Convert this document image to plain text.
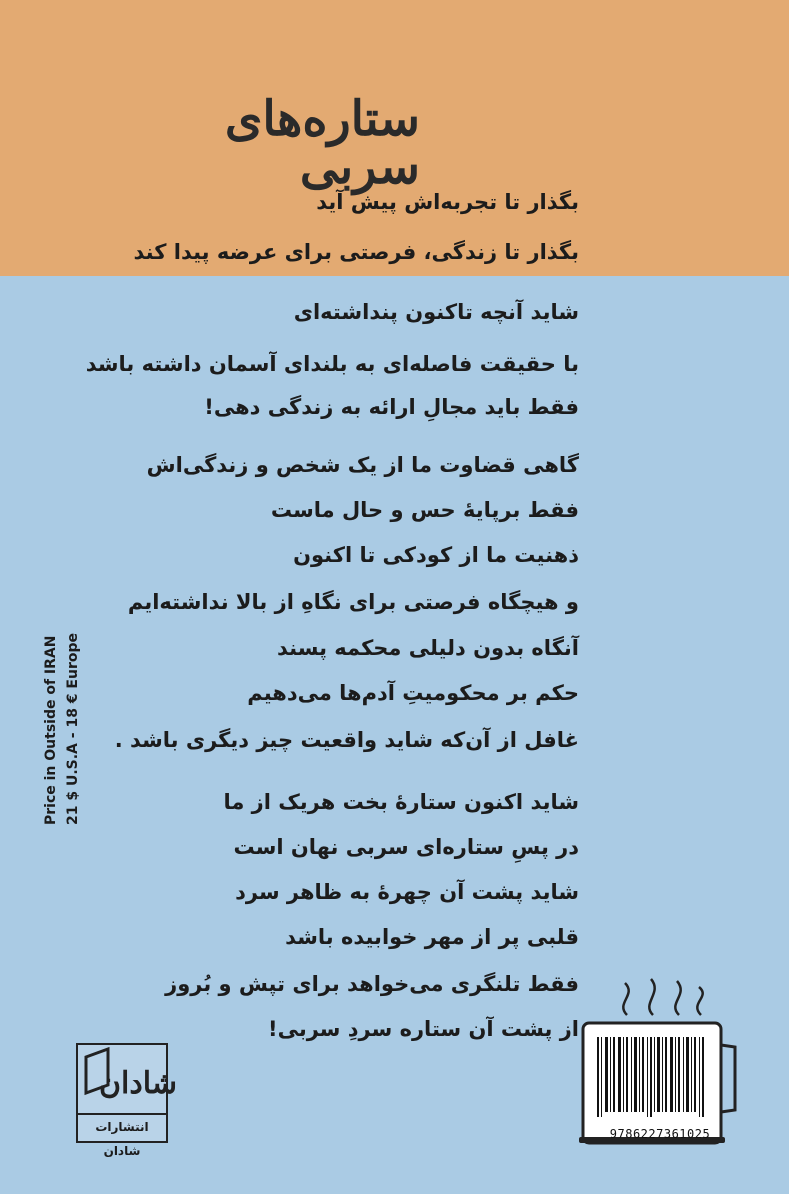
ستاره‌های سربی
بگذار تا تجربه‌اش پیش آید
بگذار تا زندگی، فرصتی برای عرضه پیدا کند
شاید آنچه تاکنون پنداشته‌ای
با حقیقت فاصله‌ای به بلندای آسمان داشته باشد
فقط باید مجالِ ارائه به زندگی دهی!
گاهی قضاوت ما از یک شخص و زندگی‌اش
فقط برپایهٔ حس و حال ماست
ذهنیت ما از کودکی تا اکنون
و هیچگاه فرصتی برای نگاهِ از بالا نداشته‌ایم
آنگاه بدون دلیلی محکمه پسند
حکم بر محکومیتِ آدم‌ها می‌دهیم
غافل از آن‌که شاید واقعیت چیز دیگری باشد .
شاید اکنون ستارهٔ بخت هریک از ما
در پسِ ستاره‌ای سربی نهان است
شاید پشت آن چهرهٔ به ظاهر سرد
قلبی پر از مهر خوابیده باشد
فقط تلنگری می‌خواهد برای تپش و بُروز
از پشت آن ستاره سردِ سربی!
Price in Outside of IRAN 21 $ U.S.A - 18 € Europe
شادان
انتشارات شادان
9786227361025
